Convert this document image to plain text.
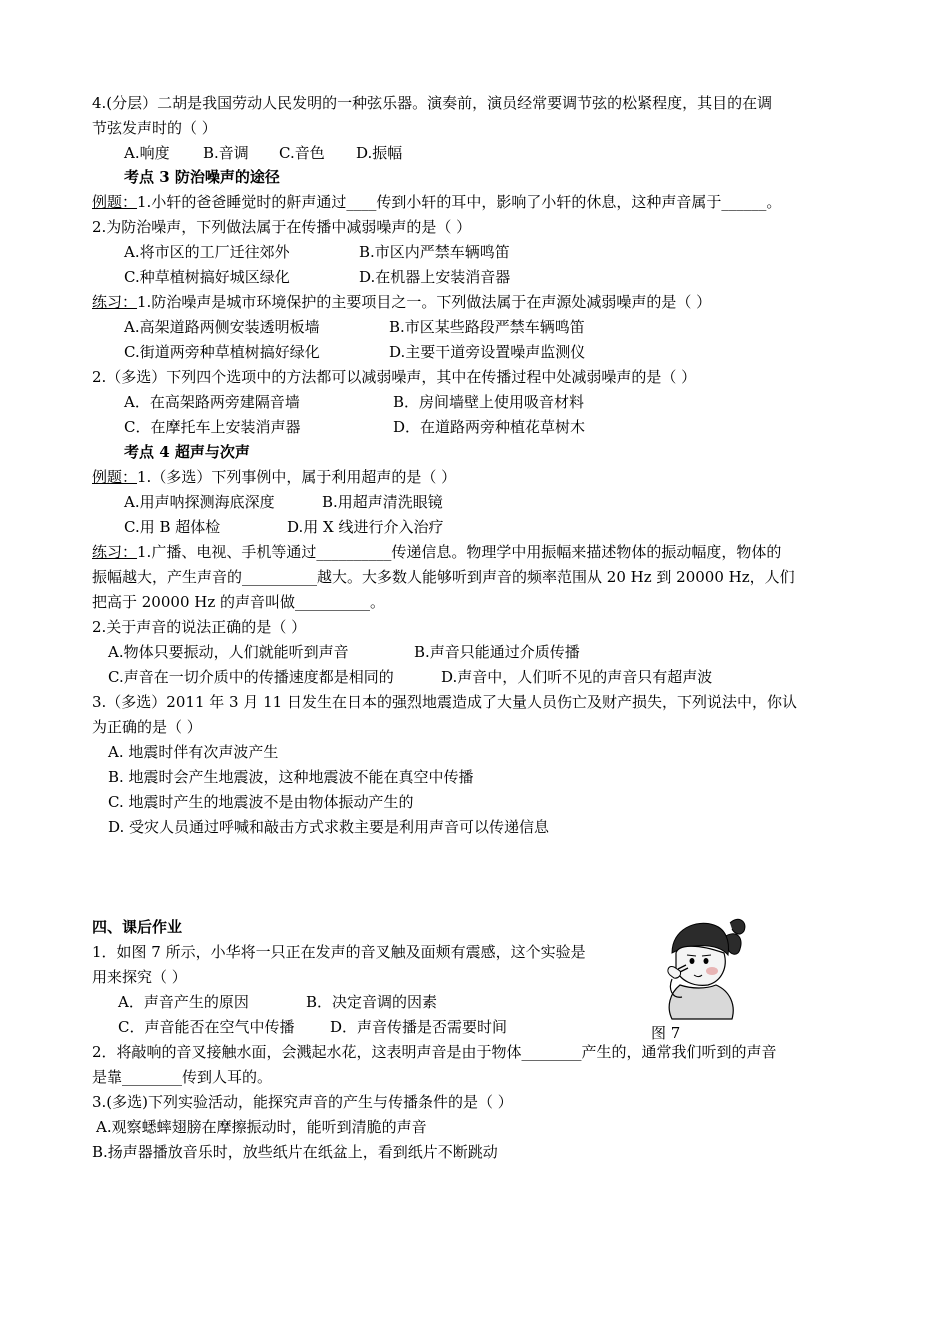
4.(分层）二胡是我国劳动人民发明的一种弦乐器。演奏前，演员经常要调节弦的松紧程度，其目的在调
节弦发声时的（ ）
A.响度 B.音调 C.音色 D.振幅
考点 3 防治噪声的途径
例题：1.小轩的爸爸睡觉时的鼾声通过____传到小轩的耳中，影响了小轩的休息，这种声音属于______。
2.为防治噪声，下列做法属于在传播中减弱噪声的是（ ）
A.将市区的工厂迁往郊外	B.市区内严禁车辆鸣笛
C.种草植树搞好城区绿化	D.在机器上安装消音器
练习：1.防治噪声是城市环境保护的主要项目之一。下列做法属于在声源处减弱噪声的是（ ）
A.高架道路两侧安装透明板墙	B.市区某些路段严禁车辆鸣笛
C.街道两旁种草植树搞好绿化	D.主要干道旁设置噪声监测仪
2.（多选）下列四个选项中的方法都可以减弱噪声，其中在传播过程中处减弱噪声的是（ ）
A．在高架路两旁建隔音墙	B．房间墙壁上使用吸音材料
C．在摩托车上安装消声器	D．在道路两旁种植花草树木
考点 4 超声与次声
例题：1.（多选）下列事例中，属于利用超声的是（ ）
A.用声呐探测海底深度	B.用超声清洗眼镜
C.用 B 超体检	D.用 X 线进行介入治疗
练习：1.广播、电视、手机等通过__________传递信息。物理学中用振幅来描述物体的振动幅度，物体的
振幅越大，产生声音的__________越大。大多数人能够听到声音的频率范围从 20 Hz 到 20000 Hz，人们
把高于 20000 Hz 的声音叫做__________。
2.关于声音的说法正确的是（ ）
A.物体只要振动，人们就能听到声音	B.声音只能通过介质传播
C.声音在一切介质中的传播速度都是相同的	D.声音中，人们听不见的声音只有超声波
3.（多选）2011 年 3 月 11 日发生在日本的强烈地震造成了大量人员伤亡及财产损失，下列说法中，你认
为正确的是（ ）
A. 地震时伴有次声波产生
B. 地震时会产生地震波，这种地震波不能在真空中传播
C. 地震时产生的地震波不是由物体振动产生的
D. 受灾人员通过呼喊和敲击方式求救主要是利用声音可以传递信息
四、课后作业
1．如图 7 所示，小华将一只正在发声的音叉触及面颊有震感，这个实验是
用来探究（ ）
A．声音产生的原因	B．决定音调的因素
C．声音能否在空气中传播 D．声音传播是否需要时间	图 7
2．将敲响的音叉接触水面，会溅起水花，这表明声音是由于物体________产生的，通常我们听到的声音
是靠________传到人耳的。
3.(多选)下列实验活动，能探究声音的产生与传播条件的是（ ）
A.观察蟋蟀翅膀在摩擦振动时，能听到清脆的声音
B.扬声器播放音乐时，放些纸片在纸盆上，看到纸片不断跳动
